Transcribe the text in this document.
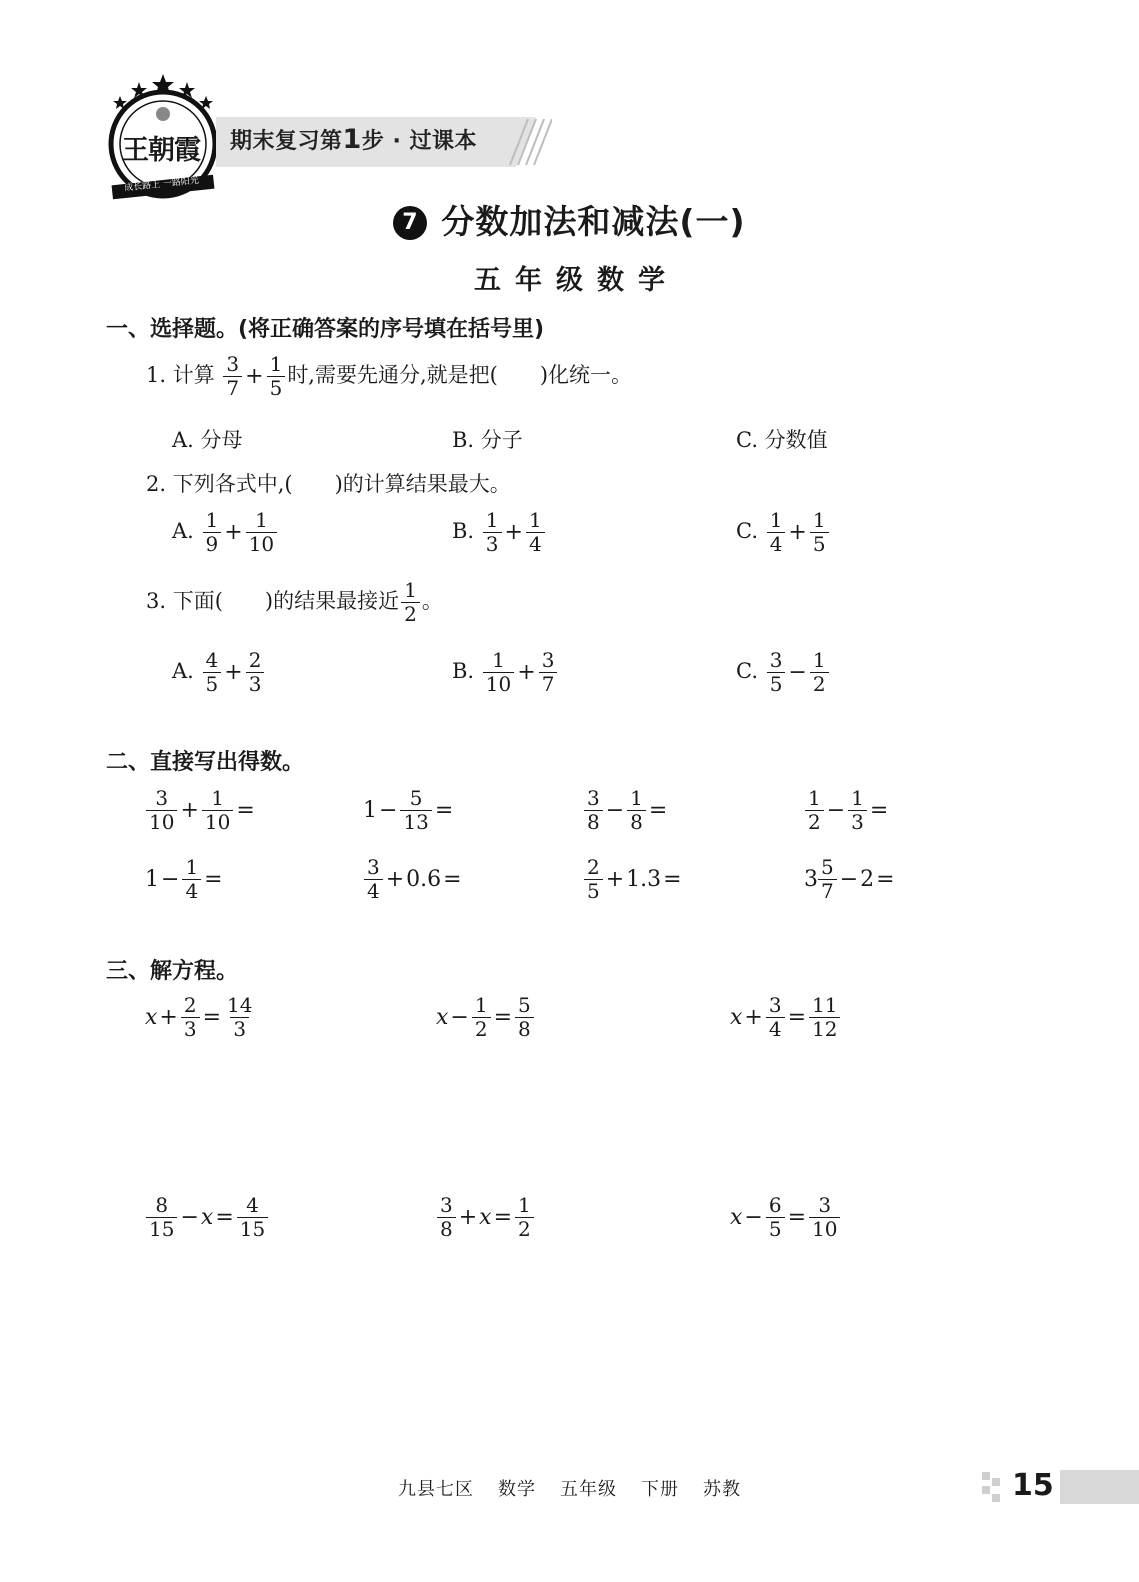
王朝霞
成长路上 一路阳光
期末复习第1步 · 过课本
7 分数加法和减法(一)
五年级数学
一、选择题。(将正确答案的序号填在括号里)
1. 计算 $\frac{3}{7} + \frac{1}{5}$ 时,需要先通分,就是把(　　)化统一。
A. 分母	B. 分子	C. 分数值
2. 下列各式中,(　　)的计算结果最大。
A. $\frac{1}{9} + \frac{1}{10}$	B. $\frac{1}{3} + \frac{1}{4}$	C. $\frac{1}{4} + \frac{1}{5}$
3. 下面(　　)的结果最接近 $\frac{1}{2}$ 。
A. $\frac{4}{5} + \frac{2}{3}$	B. $\frac{1}{10} + \frac{3}{7}$	C. $\frac{3}{5} - \frac{1}{2}$
二、直接写出得数。
$\frac{3}{10} + \frac{1}{10}$ =	$1- \frac{5}{13}$ =	$\frac{3}{8} - \frac{1}{8}$ =	$\frac{1}{2} - \frac{1}{3}$ =
$1- \frac{1}{4}$ =	$\frac{3}{4} +0.6=$	$\frac{2}{5} +1.3=$	$3 \frac{5}{7} -2=$
三、解方程。
$x+ \frac{2}{3} = \frac{14}{3}$	$x- \frac{1}{2} = \frac{5}{8}$	$x+ \frac{3}{4} = \frac{11}{12}$
$\frac{8}{15} -x= \frac{4}{15}$	$\frac{3}{8} +x= \frac{1}{2}$	$x- \frac{6}{5} = \frac{3}{10}$
九县七区 数学 五年级 下册 苏教	15
